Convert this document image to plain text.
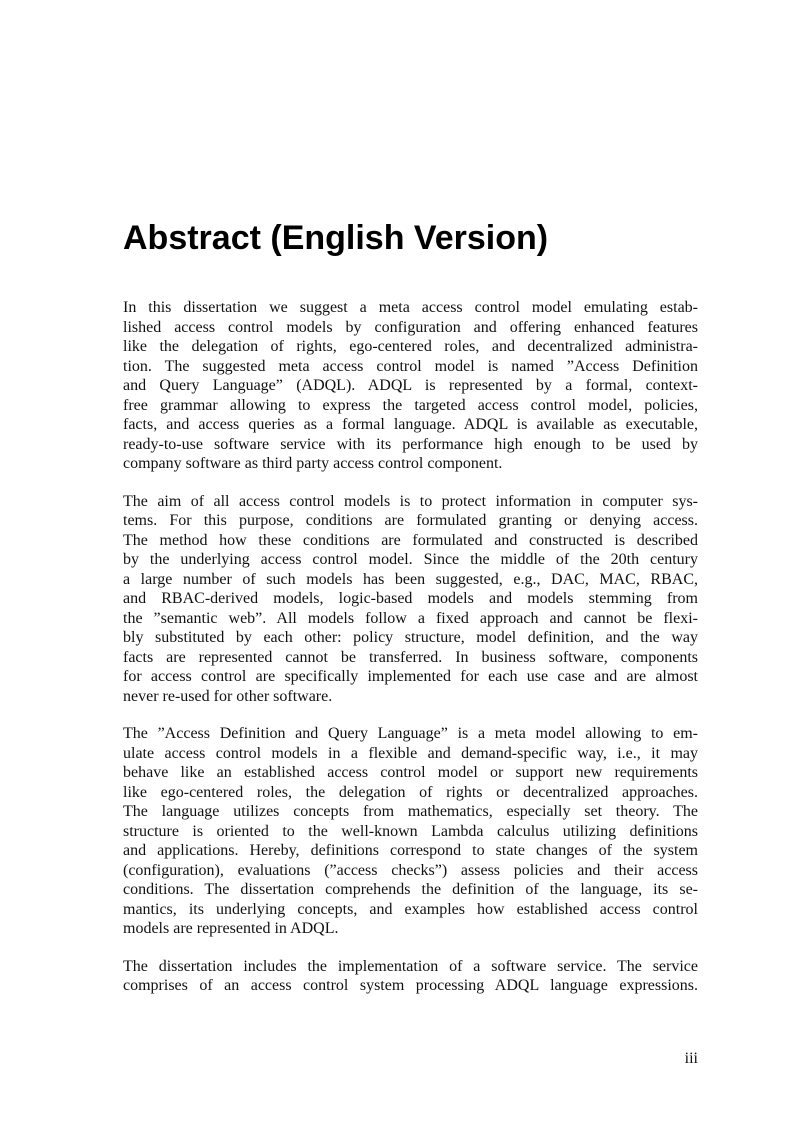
Abstract (English Version)
In this dissertation we suggest a meta access control model emulating estab-
lished access control models by configuration and offering enhanced features
like the delegation of rights, ego-centered roles, and decentralized administra-
tion. The suggested meta access control model is named ”Access Definition
and Query Language” (ADQL). ADQL is represented by a formal, context-
free grammar allowing to express the targeted access control model, policies,
facts, and access queries as a formal language. ADQL is available as executable,
ready-to-use software service with its performance high enough to be used by
company software as third party access control component.
The aim of all access control models is to protect information in computer sys-
tems. For this purpose, conditions are formulated granting or denying access.
The method how these conditions are formulated and constructed is described
by the underlying access control model. Since the middle of the 20th century
a large number of such models has been suggested, e.g., DAC, MAC, RBAC,
and RBAC-derived models, logic-based models and models stemming from
the ”semantic web”. All models follow a fixed approach and cannot be flexi-
bly substituted by each other: policy structure, model definition, and the way
facts are represented cannot be transferred. In business software, components
for access control are specifically implemented for each use case and are almost
never re-used for other software.
The ”Access Definition and Query Language” is a meta model allowing to em-
ulate access control models in a flexible and demand-specific way, i.e., it may
behave like an established access control model or support new requirements
like ego-centered roles, the delegation of rights or decentralized approaches.
The language utilizes concepts from mathematics, especially set theory. The
structure is oriented to the well-known Lambda calculus utilizing definitions
and applications. Hereby, definitions correspond to state changes of the system
(configuration), evaluations (”access checks”) assess policies and their access
conditions. The dissertation comprehends the definition of the language, its se-
mantics, its underlying concepts, and examples how established access control
models are represented in ADQL.
The dissertation includes the implementation of a software service. The service
comprises of an access control system processing ADQL language expressions.
iii
